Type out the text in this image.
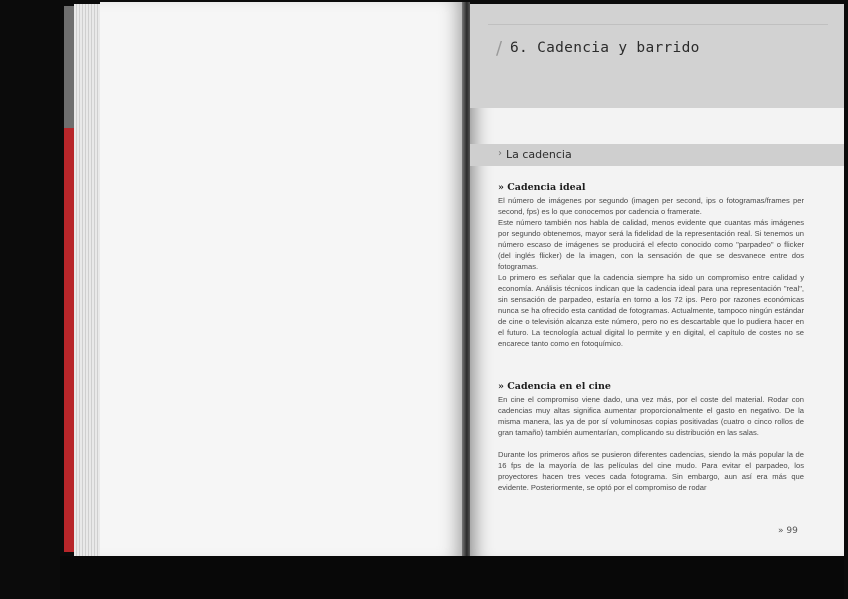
/ 6. Cadencia y barrido
› La cadencia
» Cadencia ideal

El número de imágenes por segundo (imagen per second, ips o fotogramas/frames per second, fps) es lo que conocemos por cadencia o framerate.

Este número también nos habla de calidad, menos evidente que cuantas más imágenes por segundo obtenemos, mayor será la fidelidad de la representación real. Si tenemos un número escaso de imágenes se producirá el efecto conocido como "parpadeo" o flicker (del inglés flicker) de la imagen, con la sensación de que se desvanece entre dos fotogramas.

Lo primero es señalar que la cadencia siempre ha sido un compromiso entre calidad y economía. Análisis técnicos indican que la cadencia ideal para una representación "real", sin sensación de parpadeo, estaría en torno a los 72 ips. Pero por razones económicas nunca se ha ofrecido esta cantidad de fotogramas. Actualmente, tampoco ningún estándar de cine o televisión alcanza este número, pero no es descartable que lo pudiera hacer en el futuro. La tecnología actual digital lo permite y en digital, el capítulo de costes no se encarece tanto como en fotoquímico.

» Cadencia en el cine

En cine el compromiso viene dado, una vez más, por el coste del material. Rodar con cadencias muy altas significa aumentar proporcionalmente el gasto en negativo. De la misma manera, las ya de por sí voluminosas copias positivadas (cuatro o cinco rollos de gran tamaño) también aumentarían, complicando su distribución en las salas.

Durante los primeros años se pusieron diferentes cadencias, siendo la más popular la de 16 fps de la mayoría de las películas del cine mudo. Para evitar el parpadeo, los proyectores hacen tres veces cada fotograma. Sin embargo, aun así era más que evidente. Posteriormente, se optó por el compromiso de rodar

» 99
